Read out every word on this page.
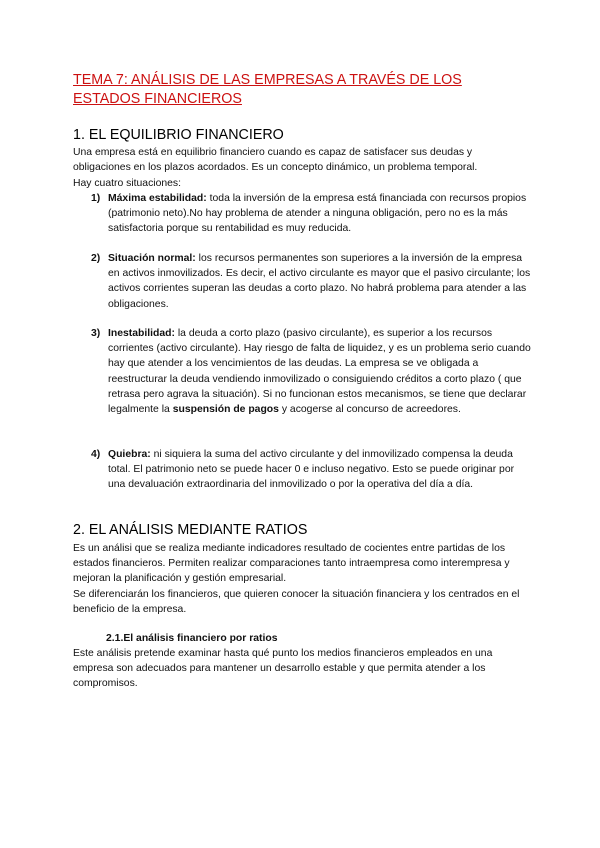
TEMA 7: ANÁLISIS DE LAS EMPRESAS A TRAVÉS DE LOS ESTADOS FINANCIEROS
1. EL EQUILIBRIO FINANCIERO

Una empresa está en equilibrio financiero cuando es capaz de satisfacer sus deudas y obligaciones en los plazos acordados. Es un concepto dinámico, un problema temporal.

Hay cuatro situaciones:

1) Máxima estabilidad: toda la inversión de la empresa está financiada con recursos propios (patrimonio neto).No hay problema de atender a ninguna obligación, pero no es la más satisfactoria porque su rentabilidad es muy reducida.
2) Situación normal: los recursos permanentes son superiores a la inversión de la empresa en activos inmovilizados. Es decir, el activo circulante es mayor que el pasivo circulante; los activos corrientes superan las deudas a corto plazo. No habrá problema para atender a las obligaciones.
3) Inestabilidad: la deuda a corto plazo (pasivo circulante), es superior a los recursos corrientes (activo circulante). Hay riesgo de falta de liquidez, y es un problema serio cuando hay que atender a los vencimientos de las deudas. La empresa se ve obligada a reestructurar la deuda vendiendo inmovilizado o consiguiendo créditos a corto plazo ( que retrasa pero agrava la situación). Si no funcionan estos mecanismos, se tiene que declarar legalmente la suspensión de pagos y acogerse al concurso de acreedores.
4) Quiebra: ni siquiera la suma del activo circulante y del inmovilizado compensa la deuda total. El patrimonio neto se puede hacer 0 e incluso negativo. Esto se puede originar por una devaluación extraordinaria del inmovilizado o por la operativa del día a día.
2. EL ANÁLISIS MEDIANTE RATIOS

Es un análisi que se realiza mediante indicadores resultado de cocientes entre partidas de los estados financieros. Permiten realizar comparaciones tanto intraempresa como interempresa y mejoran la planificación y gestión empresarial.

Se diferenciarán los financieros, que quieren conocer la situación financiera y los centrados en el beneficio de la empresa.

2.1.El análisis financiero por ratios

Este análisis pretende examinar hasta qué punto los medios financieros empleados en una empresa son adecuados para mantener un desarrollo estable y que permita atender a los compromisos.
